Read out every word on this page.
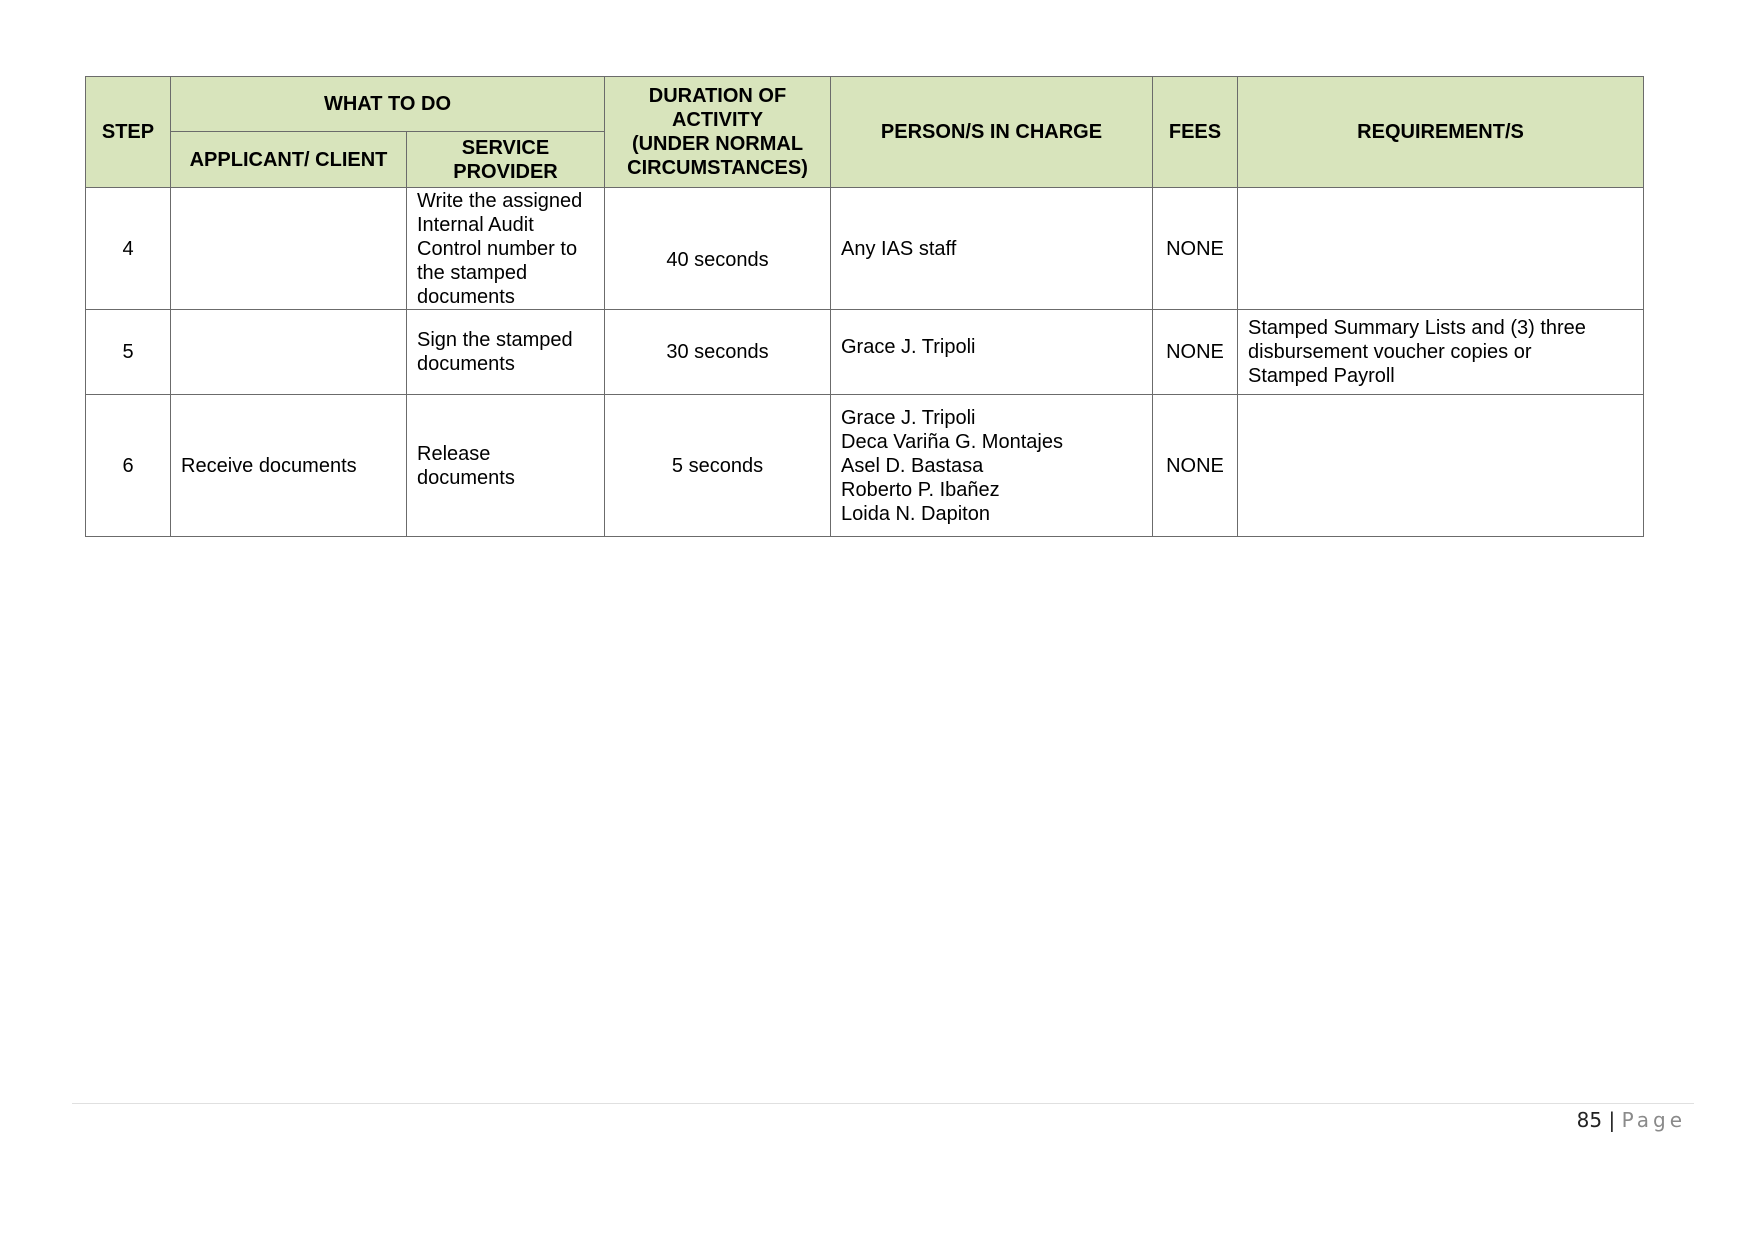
STEP	WHAT TO DO		DURATION OF
ACTIVITY
(UNDER NORMAL
CIRCUMSTANCES)	PERSON/S IN CHARGE	FEES	REQUIREMENT/S
	APPLICANT/ CLIENT	SERVICE
PROVIDER				
4		Write the assigned
Internal Audit
Control number to
the stamped
documents	40 seconds	Any IAS staff	NONE	
5		Sign the stamped
documents	30 seconds	Grace J. Tripoli	NONE	Stamped Summary Lists and (3) three
disbursement voucher copies or
Stamped Payroll
6	Receive documents	Release
documents	5 seconds	Grace J. Tripoli
Deca Variña G. Montajes
Asel D. Bastasa
Roberto P. Ibañez
Loida N. Dapiton	NONE	
85 | Page
